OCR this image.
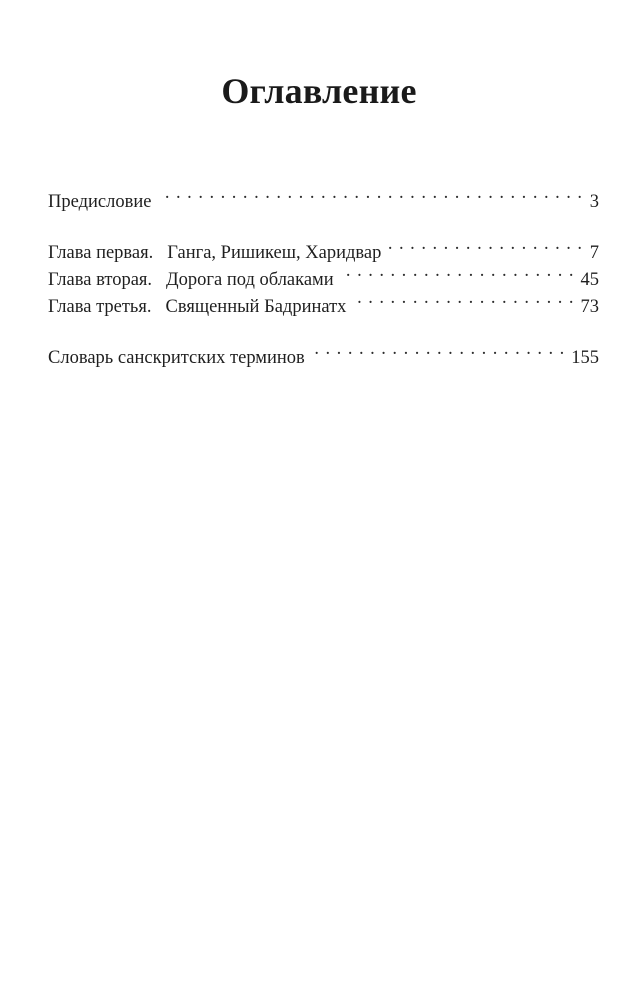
Оглавление
Предисловие . . .	3
Глава первая. Ганга, Ришикеш, Харидвар . . .	7
Глава вторая. Дорога под облаками . . .	45
Глава третья. Священный Бадринатх . . .	73
Словарь санскритских терминов . . .	155
